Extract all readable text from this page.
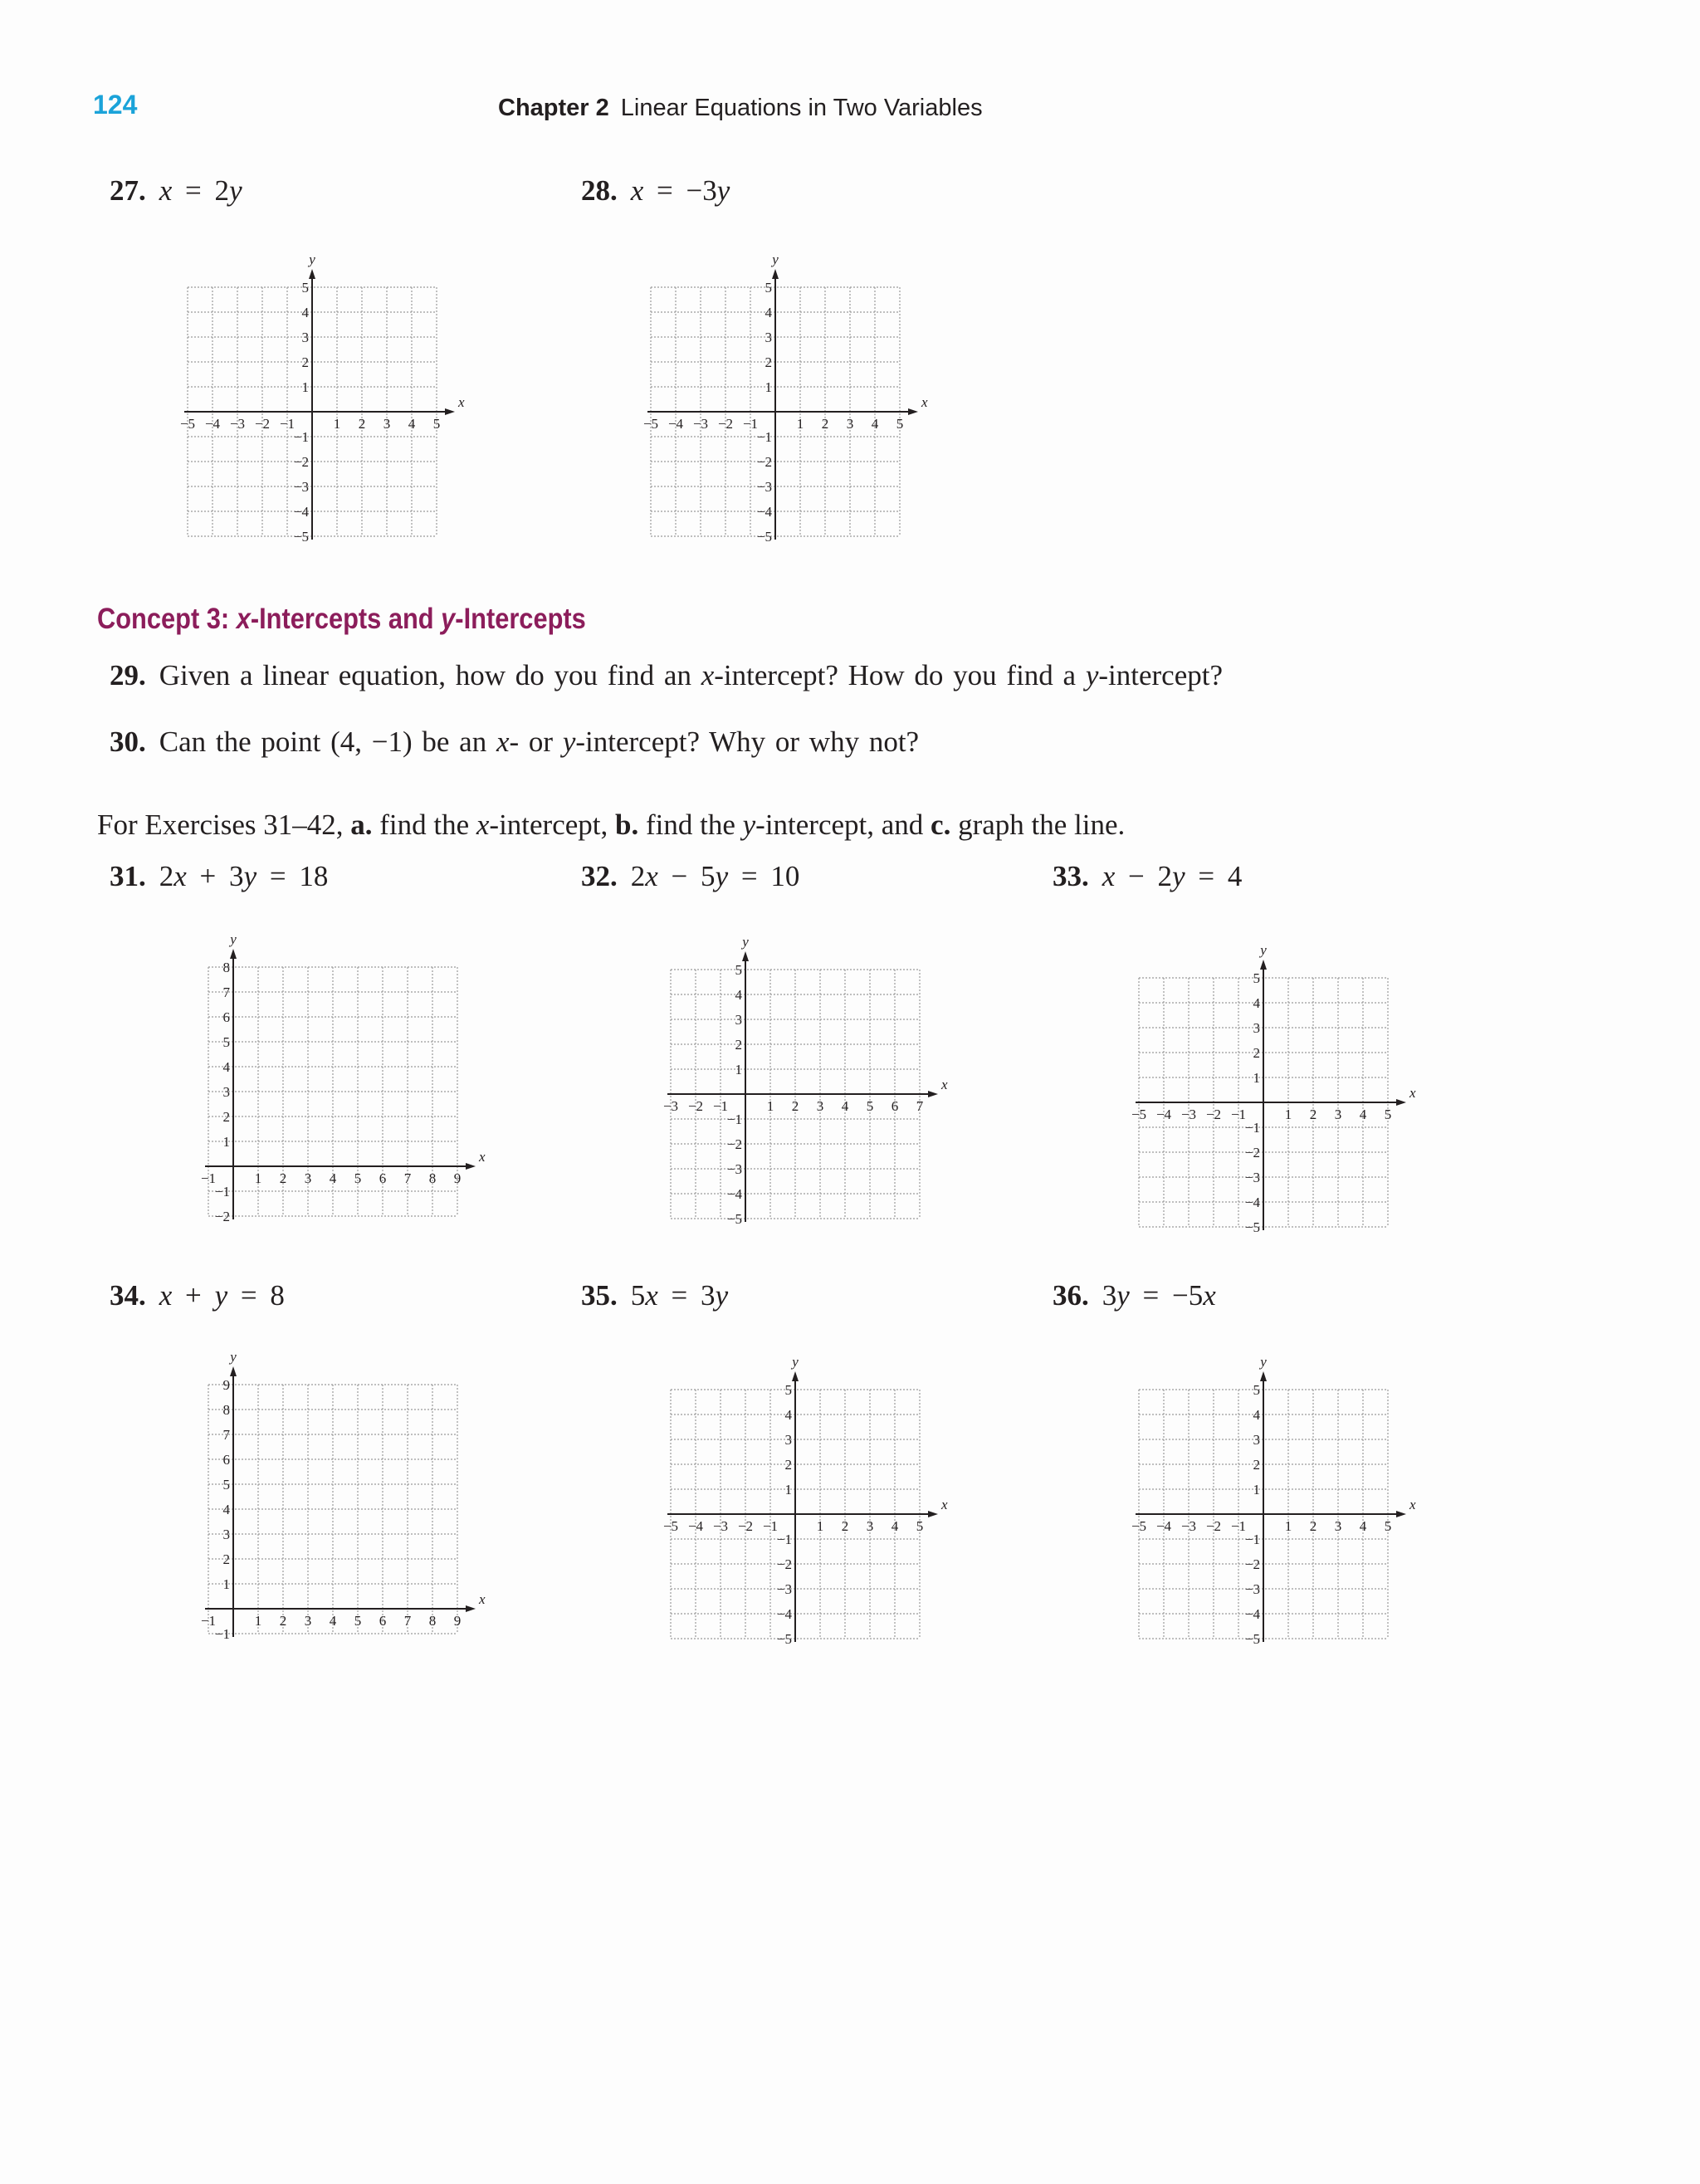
124	Chapter 2 Linear Equations in Two Variables
27. x  =  2y	28. x  =  −3y
x
y
−5 −4 −3 −2 −1	1 2 3 4 5
−5
−4
−3
−2
−1
1
2
3
4
5
x
y
−5 −4 −3 −2 −1	1 2 3 4 5
−5
−4
−3
−2
−1
1
2
3
4
5
Concept 3: x-Intercepts and y-Intercepts
29. Given a linear equation, how do you find an x-intercept? How do you find a y-intercept?
30. Can the point (4, −1) be an x- or y-intercept? Why or why not?
For Exercises 31–42, a. find the x-intercept, b. find the y-intercept, and c. graph the line.
31. 2x  +  3y  =  18	32. 2x  −  5y  =  10	33. x  −  2y  =  4
x
y
−1	1 2 3 4 5 6 7 8 9
−2
−1
1
2
3
4
5
6
7
8
x
y
−3 −2 −1	1 2 3 4 5 6 7
−5
−4
−3
−2
−1
1
2
3
4
5
x
y
−5 −4 −3 −2 −1	1 2 3 4 5
−5
−4
−3
−2
−1
1
2
3
4
5
34. x  +  y  =  8	35. 5x  =  3y	36. 3y  =  −5x
x
y
−1	1 2 3 4 5 6 7 8 9
−1
1
2
3
4
5
6
7
8
9
x
y
−5 −4 −3 −2 −1	1 2 3 4 5
−5
−4
−3
−2
−1
1
2
3
4
5
x
y
−5 −4 −3 −2 −1	1 2 3 4 5
−5
−4
−3
−2
−1
1
2
3
4
5
